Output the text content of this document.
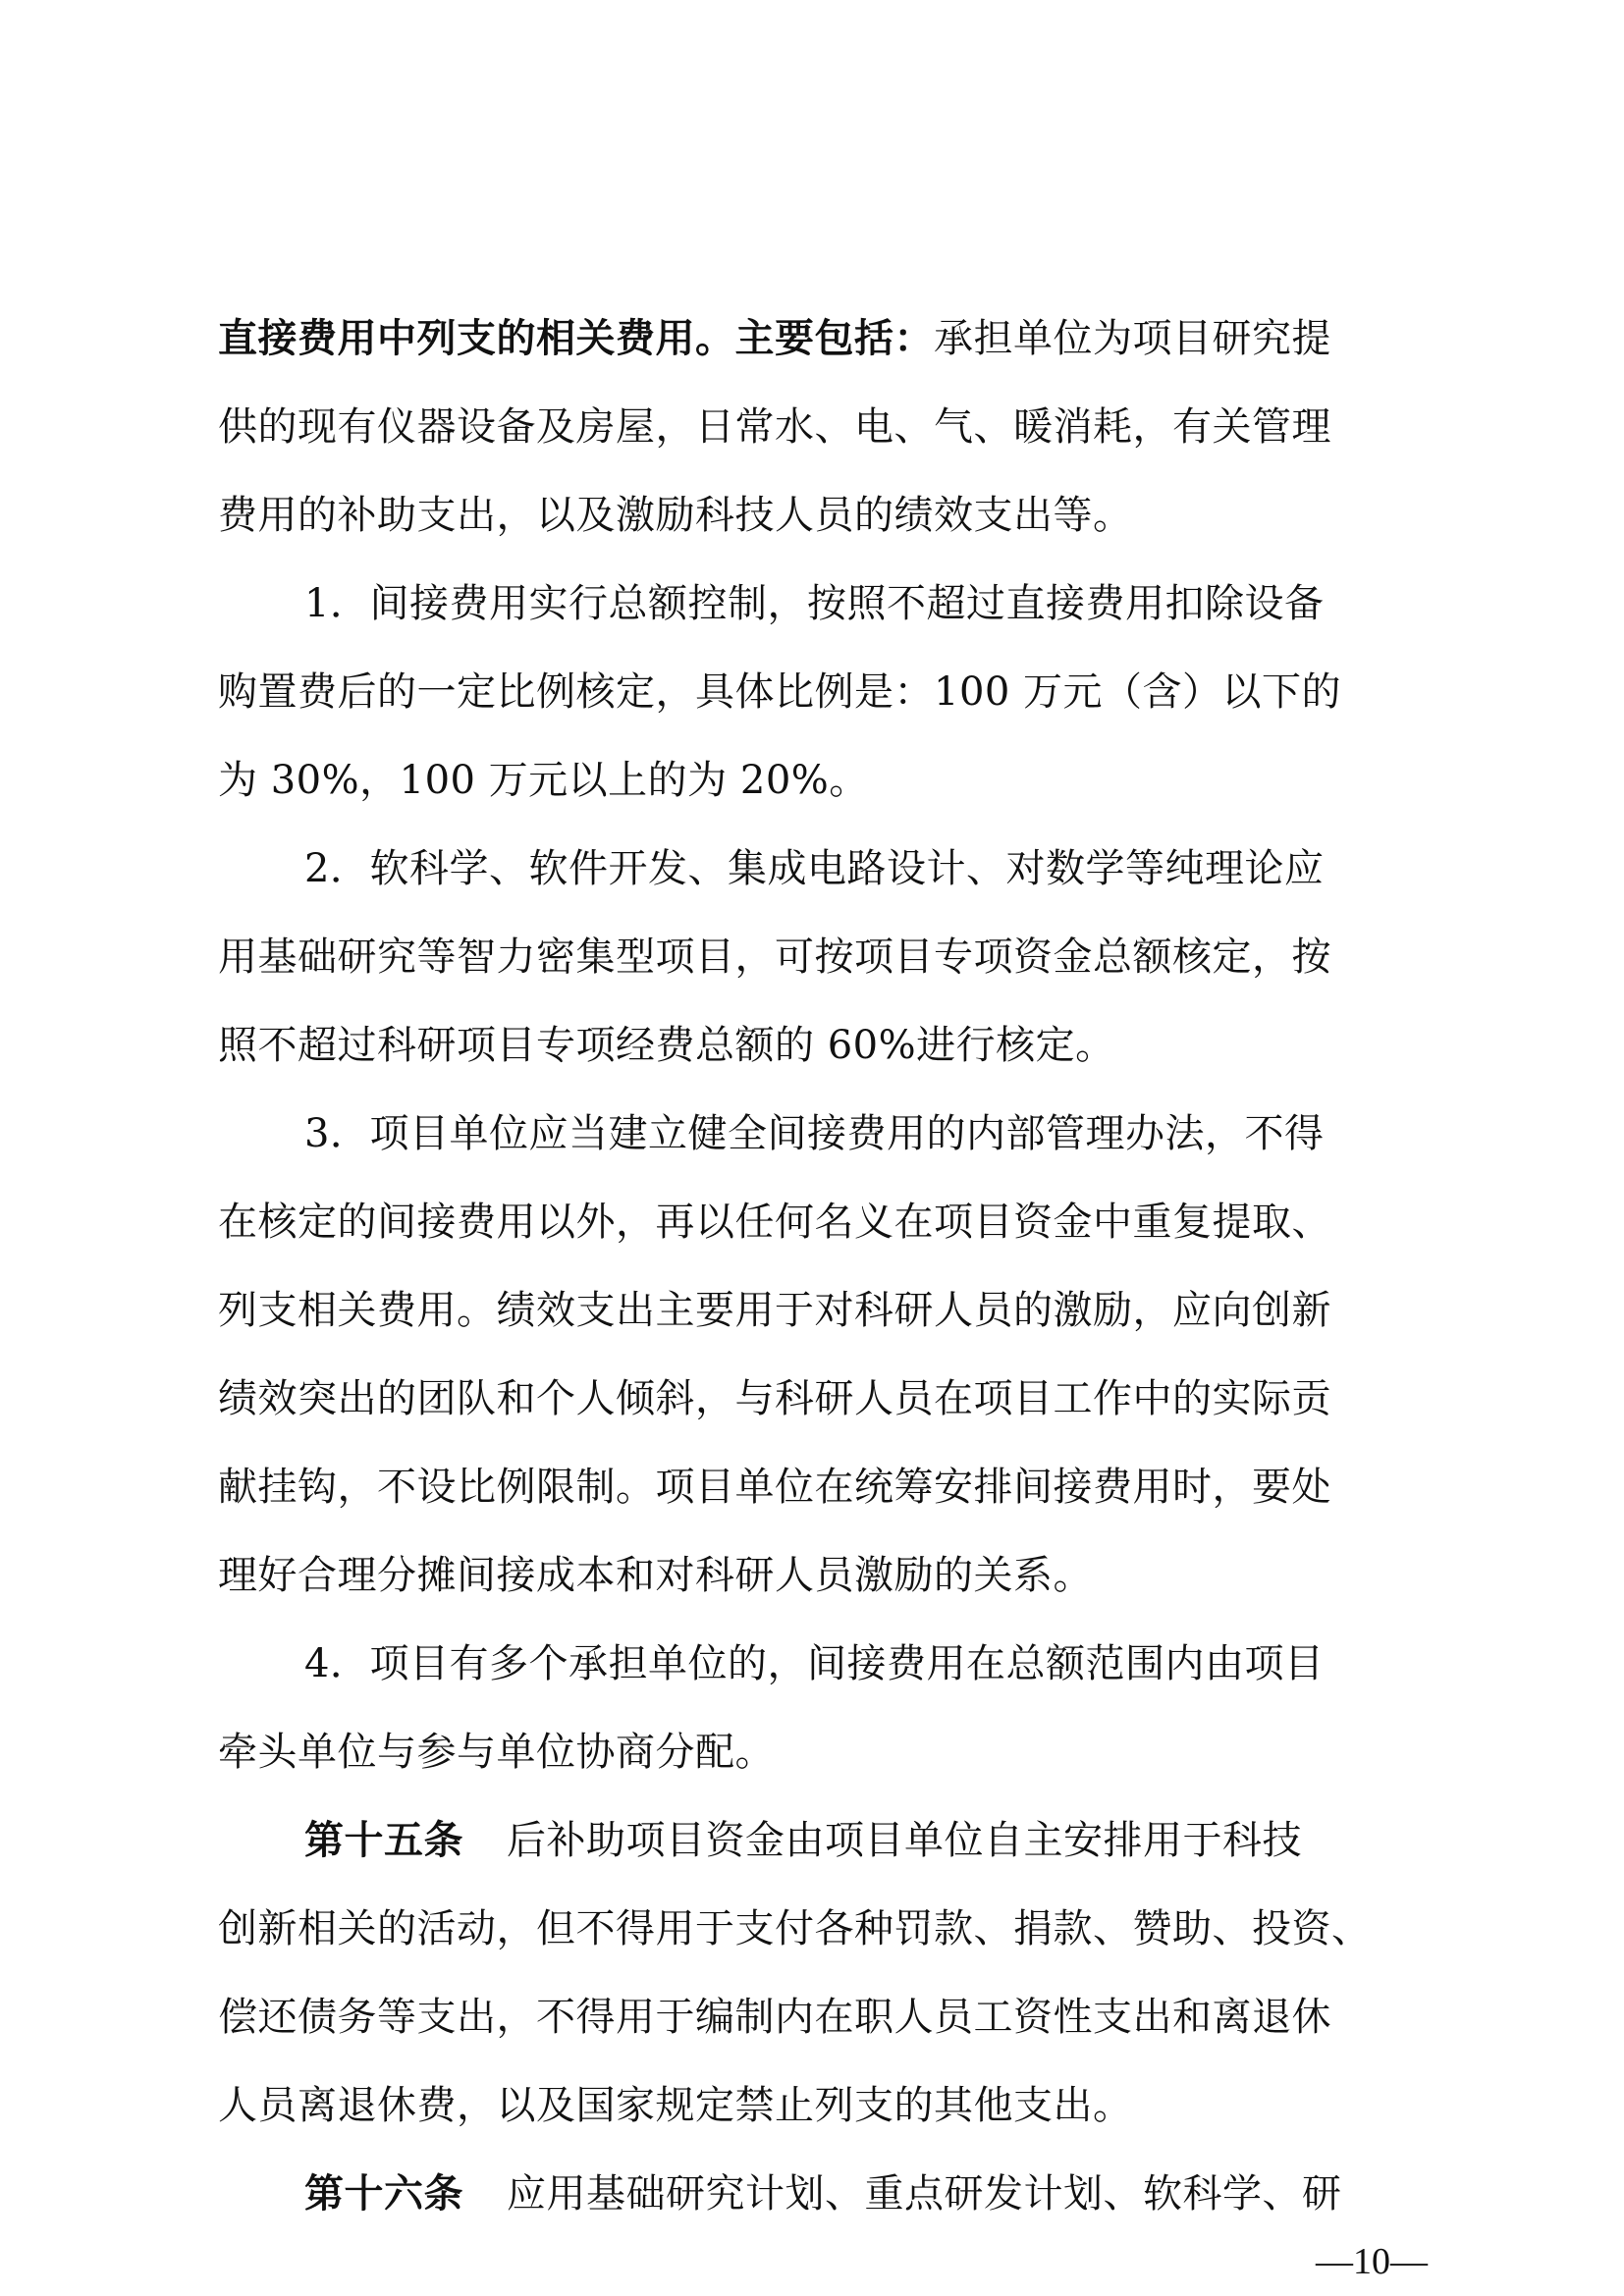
直接费用中列支的相关费用。主要包括：承担单位为项目研究提
供的现有仪器设备及房屋，日常水、电、气、暖消耗，有关管理
费用的补助支出，以及激励科技人员的绩效支出等。
1．间接费用实行总额控制，按照不超过直接费用扣除设备
购置费后的一定比例核定，具体比例是：100 万元（含）以下的
为 30%，100 万元以上的为 20%。
2．软科学、软件开发、集成电路设计、对数学等纯理论应
用基础研究等智力密集型项目，可按项目专项资金总额核定，按
照不超过科研项目专项经费总额的 60%进行核定。
3．项目单位应当建立健全间接费用的内部管理办法，不得
在核定的间接费用以外，再以任何名义在项目资金中重复提取、
列支相关费用。绩效支出主要用于对科研人员的激励，应向创新
绩效突出的团队和个人倾斜，与科研人员在项目工作中的实际贡
献挂钩，不设比例限制。项目单位在统筹安排间接费用时，要处
理好合理分摊间接成本和对科研人员激励的关系。
4．项目有多个承担单位的，间接费用在总额范围内由项目
牵头单位与参与单位协商分配。
第十五条 后补助项目资金由项目单位自主安排用于科技
创新相关的活动，但不得用于支付各种罚款、捐款、赞助、投资、
偿还债务等支出，不得用于编制内在职人员工资性支出和离退休
人员离退休费，以及国家规定禁止列支的其他支出。
第十六条 应用基础研究计划、重点研发计划、软科学、研
—10—
